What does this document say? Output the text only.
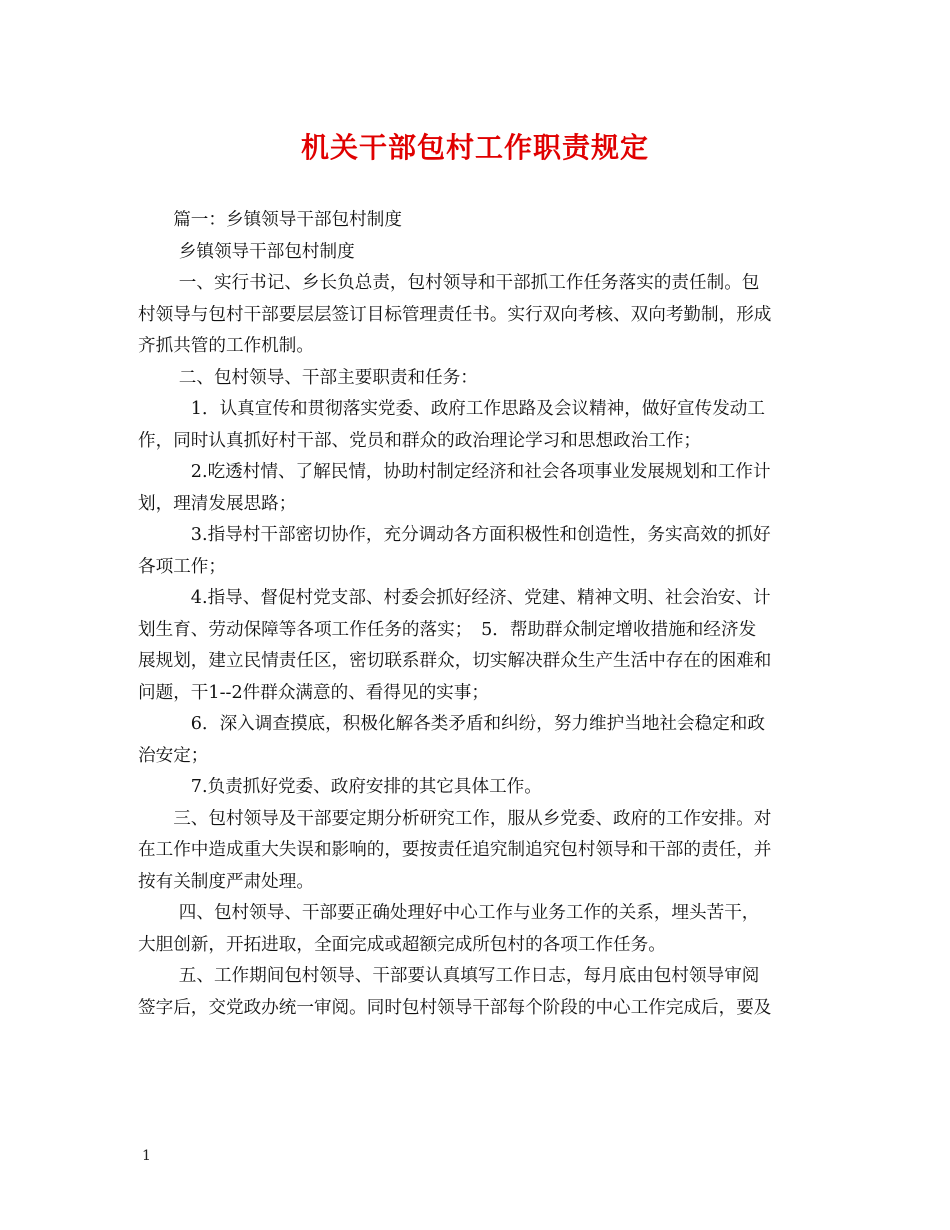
机关干部包村工作职责规定
　　篇一：乡镇领导干部包村制度
　　 乡镇领导干部包村制度
　　 一、实行书记、乡长负总责，包村领导和干部抓工作任务落实的责任制。包
村领导与包村干部要层层签订目标管理责任书。实行双向考核、双向考勤制，形成
齐抓共管的工作机制。
　　 二、包村领导、干部主要职责和任务：
　　　1．认真宣传和贯彻落实党委、政府工作思路及会议精神，做好宣传发动工
作，同时认真抓好村干部、党员和群众的政治理论学习和思想政治工作；
　　　2.吃透村情、了解民情，协助村制定经济和社会各项事业发展规划和工作计
划，理清发展思路；
　　　3.指导村干部密切协作，充分调动各方面积极性和创造性，务实高效的抓好
各项工作；
　　　4.指导、督促村党支部、村委会抓好经济、党建、精神文明、社会治安、计
划生育、劳动保障等各项工作任务的落实；　5．帮助群众制定增收措施和经济发
展规划，建立民情责任区，密切联系群众，切实解决群众生产生活中存在的困难和
问题，干1--2件群众满意的、看得见的实事；
　　　6．深入调查摸底，积极化解各类矛盾和纠纷，努力维护当地社会稳定和政
治安定；
　　　7.负责抓好党委、政府安排的其它具体工作。
　　三、包村领导及干部要定期分析研究工作，服从乡党委、政府的工作安排。对
在工作中造成重大失误和影响的，要按责任追究制追究包村领导和干部的责任，并
按有关制度严肃处理。
　　 四、包村领导、干部要正确处理好中心工作与业务工作的关系，埋头苦干，
大胆创新，开拓进取，全面完成或超额完成所包村的各项工作任务。
　　 五、工作期间包村领导、干部要认真填写工作日志，每月底由包村领导审阅
签字后，交党政办统一审阅。同时包村领导干部每个阶段的中心工作完成后，要及
1
